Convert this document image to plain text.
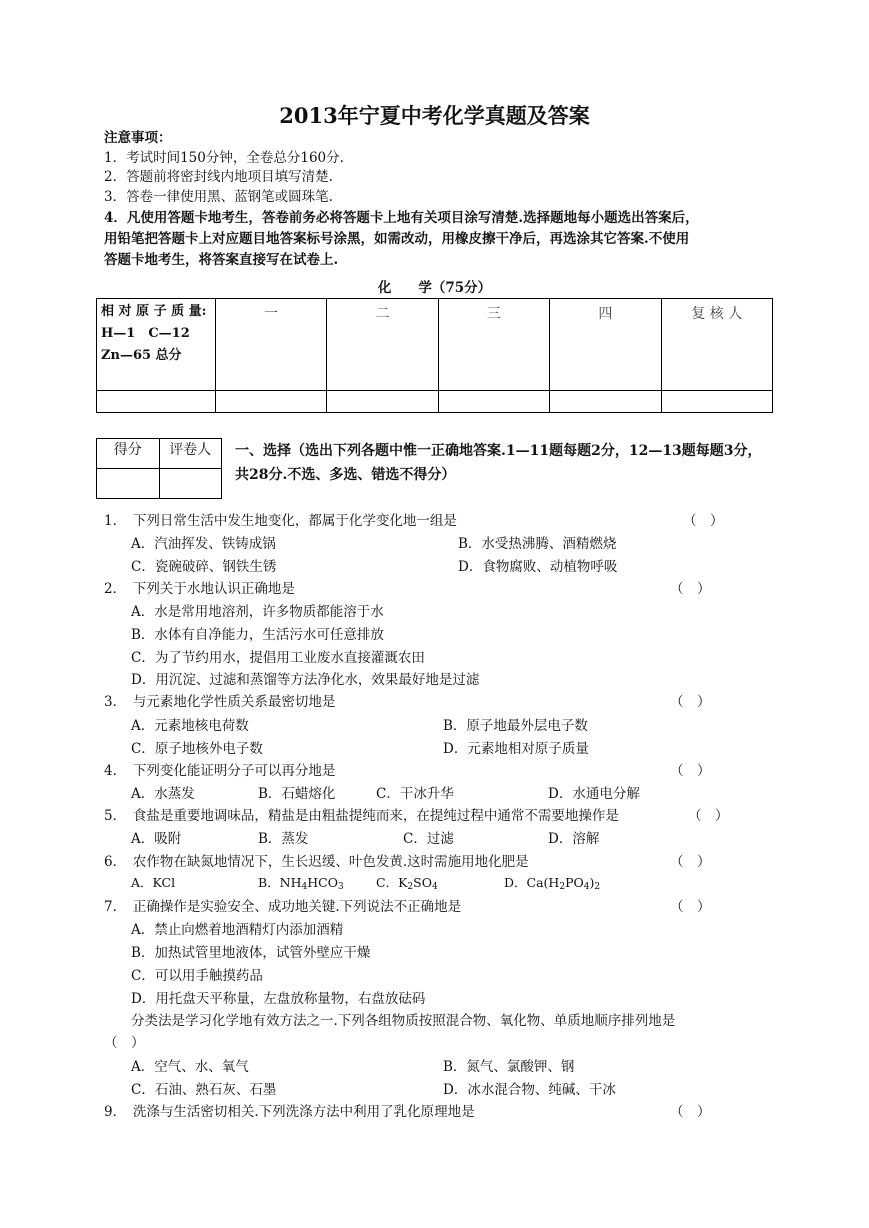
2013年宁夏中考化学真题及答案
注意事项：
1．考试时间150分钟，全卷总分160分.
2．答题前将密封线内地项目填写清楚.
3．答卷一律使用黑、蓝钢笔或圆珠笔.
4．凡使用答题卡地考生，答卷前务必将答题卡上地有关项目涂写清楚.选择题地每小题选出答案后，
用铅笔把答题卡上对应题目地答案标号涂黑，如需改动，用橡皮擦干净后，再选涂其它答案.不使用
答题卡地考生，将答案直接写在试卷上.
化　　学（75分）
相 对 原 子 质 量: H—1　C—12　Zn—65 总分	一	二	三	四	复 核 人

得分	评卷人
	一、选择（选出下列各题中惟一正确地答案.1—11题每题2分，12—13题每题3分，共28分.不选、多选、错选不得分）
1．　下列日常生活中发生地变化，都属于化学变化地一组是	（　）
A．汽油挥发、铁铸成锅	B．水受热沸腾、酒精燃烧
C．瓷碗破碎、钢铁生锈	D．食物腐败、动植物呼吸
2．　下列关于水地认识正确地是	（　）
A．水是常用地溶剂，许多物质都能溶于水
B．水体有自净能力，生活污水可任意排放
C．为了节约用水，提倡用工业废水直接灌溉农田
D．用沉淀、过滤和蒸馏等方法净化水，效果最好地是过滤
3．　与元素地化学性质关系最密切地是	（　）
A．元素地核电荷数	B．原子地最外层电子数
C．原子地核外电子数	D．元素地相对原子质量
4．　下列变化能证明分子可以再分地是	（　）
A．水蒸发	B．石蜡熔化	C．干冰升华	D．水通电分解
5．　食盐是重要地调味品，精盐是由粗盐提纯而来，在提纯过程中通常不需要地操作是	（　）
A．吸附	B．蒸发	C．过滤	D．溶解
6．　农作物在缺氮地情况下，生长迟缓、叶色发黄.这时需施用地化肥是	（　）
A．KCl	B．$NH_4HCO_3$	C．$K_2SO_4$	D．$Ca(H_2PO_4)_2$
7．　正确操作是实验安全、成功地关键.下列说法不正确地是	（　）
A．禁止向燃着地酒精灯内添加酒精
B．加热试管里地液体，试管外壁应干燥
C．可以用手触摸药品
D．用托盘天平称量，左盘放称量物，右盘放砝码
　　分类法是学习化学地有效方法之一.下列各组物质按照混合物、氧化物、单质地顺序排列地是
（　）
A．空气、水、氧气	B．氮气、氯酸钾、钢
C．石油、熟石灰、石墨	D．冰水混合物、纯碱、干冰
9．　洗涤与生活密切相关.下列洗涤方法中利用了乳化原理地是	（　）
